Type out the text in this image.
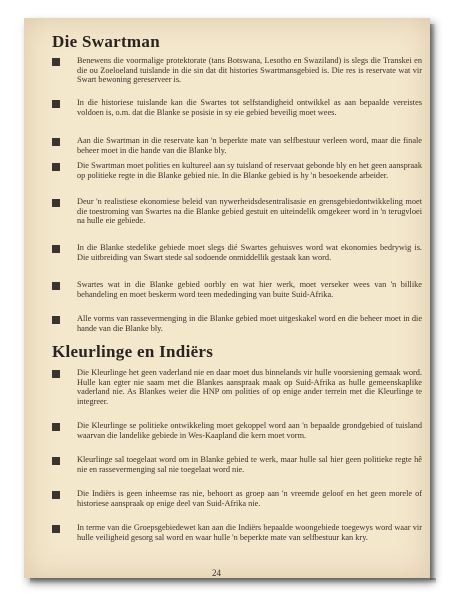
Die Swartman
Benewens die voormalige protektorate (tans Botswana, Lesotho en Swaziland) is slegs die Transkei en die ou Zoeloeland tuislande in die sin dat dit histories Swartmansgebied is. Die res is reservate wat vir Swart bewoning gereserveer is.
In die historiese tuislande kan die Swartes tot selfstandigheid ontwikkel as aan bepaalde vereistes voldoen is, o.m. dat die Blanke se posisie in sy eie gebied beveilig moet wees.
Aan die Swartman in die reservate kan 'n beperkte mate van selfbestuur verleen word, maar die finale beheer moet in die hande van die Blanke bly.
Die Swartman moet polities en kultureel aan sy tuisland of reservaat gebonde bly en het geen aanspraak op politieke regte in die Blanke gebied nie. In die Blanke gebied is hy 'n besoekende arbeider.
Deur 'n realistiese ekonomiese beleid van nywerheidsdesentralisasie en grensgebiedontwikkeling moet die toestroming van Swartes na die Blanke gebied gestuit en uiteindelik omgekeer word in 'n terugvloei na hulle eie gebiede.
In die Blanke stedelike gebiede moet slegs dié Swartes gehuisves word wat ekonomies bedrywig is. Die uitbreiding van Swart stede sal sodoende onmiddellik gestaak kan word.
Swartes wat in die Blanke gebied oorbly en wat hier werk, moet verseker wees van 'n billike behandeling en moet beskerm word teen mededinging van buite Suid-Afrika.
Alle vorms van rassevermenging in die Blanke gebied moet uitgeskakel word en die beheer moet in die hande van die Blanke bly.
Kleurlinge en Indiërs
Die Kleurlinge het geen vaderland nie en daar moet dus binnelands vir hulle voorsiening gemaak word. Hulle kan egter nie saam met die Blankes aanspraak maak op Suid-Afrika as hulle gemeenskaplike vaderland nie. As Blankes weier die HNP om polities of op enige ander terrein met die Kleurlinge te integreer.
Die Kleurlinge se politieke ontwikkeling moet gekoppel word aan 'n bepaalde grondgebied of tuisland waarvan die landelike gebiede in Wes-Kaapland die kern moet vorm.
Kleurlinge sal toegelaat word om in Blanke gebied te werk, maar hulle sal hier geen politieke regte hê nie en rassevermenging sal nie toegelaat word nie.
Die Indiërs is geen inheemse ras nie, behoort as groep aan 'n vreemde geloof en het geen morele of historiese aanspraak op enige deel van Suid-Afrika nie.
In terme van die Groepsgebiedewet kan aan die Indiërs bepaalde woongebiede toegewys word waar vir hulle veiligheid gesorg sal word en waar hulle 'n beperkte mate van selfbestuur kan kry.
24
